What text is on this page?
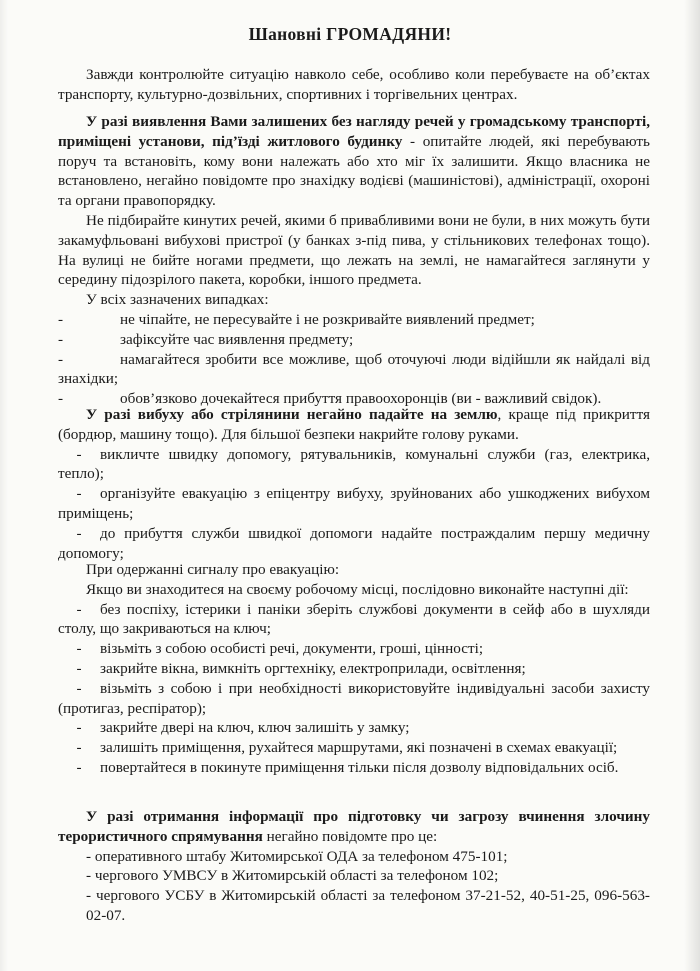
Шановні ГРОМАДЯНИ!

Завжди контролюйте ситуацію навколо себе, особливо коли перебуваєте на об’єктах транспорту, культурно-дозвільних, спортивних і торгівельних центрах.

У разі виявлення Вами залишених без нагляду речей у громадському транспорті, приміщені установи, під’їзді житлового будинку - опитайте людей, які перебувають поруч та встановіть, кому вони належать або хто міг їх залишити. Якщо власника не встановлено, негайно повідомте про знахідку водієві (машиністові), адміністрації, охороні та органи правопорядку.

Не підбирайте кинутих речей, якими б привабливими вони не були, в них можуть бути закамуфльовані вибухові пристрої (у банках з-під пива, у стільникових телефонах тощо). На вулиці не бийте ногами предмети, що лежать на землі, не намагайтеся заглянути у середину підозрілого пакета, коробки, іншого предмета.

У всіх зазначених випадках:

-	не чіпайте, не пересувайте і не розкривайте виявлений предмет;
-	зафіксуйте час виявлення предмету;
-	намагайтеся зробити все можливе, щоб оточуючі люди відійшли як найдалі від знахідки;
-	обов’язково дочекайтеся прибуття правоохоронців (ви - важливий свідок).

У разі вибуху або стрілянини негайно падайте на землю, краще під прикриття (бордюр, машину тощо). Для більшої безпеки накрийте голову руками.

- викличте швидку допомогу, рятувальників, комунальні служби (газ, електрика, тепло);
- організуйте евакуацію з епіцентру вибуху, зруйнованих або ушкоджених вибухом приміщень;
- до прибуття служби швидкої допомоги надайте постраждалим першу медичну допомогу;

При одержанні сигналу про евакуацію:

Якщо ви знаходитеся на своєму робочому місці, послідовно виконайте наступні дії:

- без поспіху, істерики і паніки зберіть службові документи в сейф або в шухляди столу, що закриваються на ключ;
- візьміть з собою особисті речі, документи, гроші, цінності;
- закрийте вікна, вимкніть оргтехніку, електроприлади, освітлення;
- візьміть з собою і при необхідності використовуйте індивідуальні засоби захисту (протигаз, респіратор);
- закрийте двері на ключ, ключ залишіть у замку;
- залишіть приміщення, рухайтеся маршрутами, які позначені в схемах евакуації;
- повертайтеся в покинуте приміщення тільки після дозволу відповідальних осіб.

У разі отримання інформації про підготовку чи загрозу вчинення злочину терористичного спрямування негайно повідомте про це:

- оперативного штабу Житомирської ОДА за телефоном 475-101;
- чергового УМВСУ в Житомирській області за телефоном 102;
- чергового УСБУ в Житомирській області за телефоном 37-21-52, 40-51-25, 096-563-02-07.
